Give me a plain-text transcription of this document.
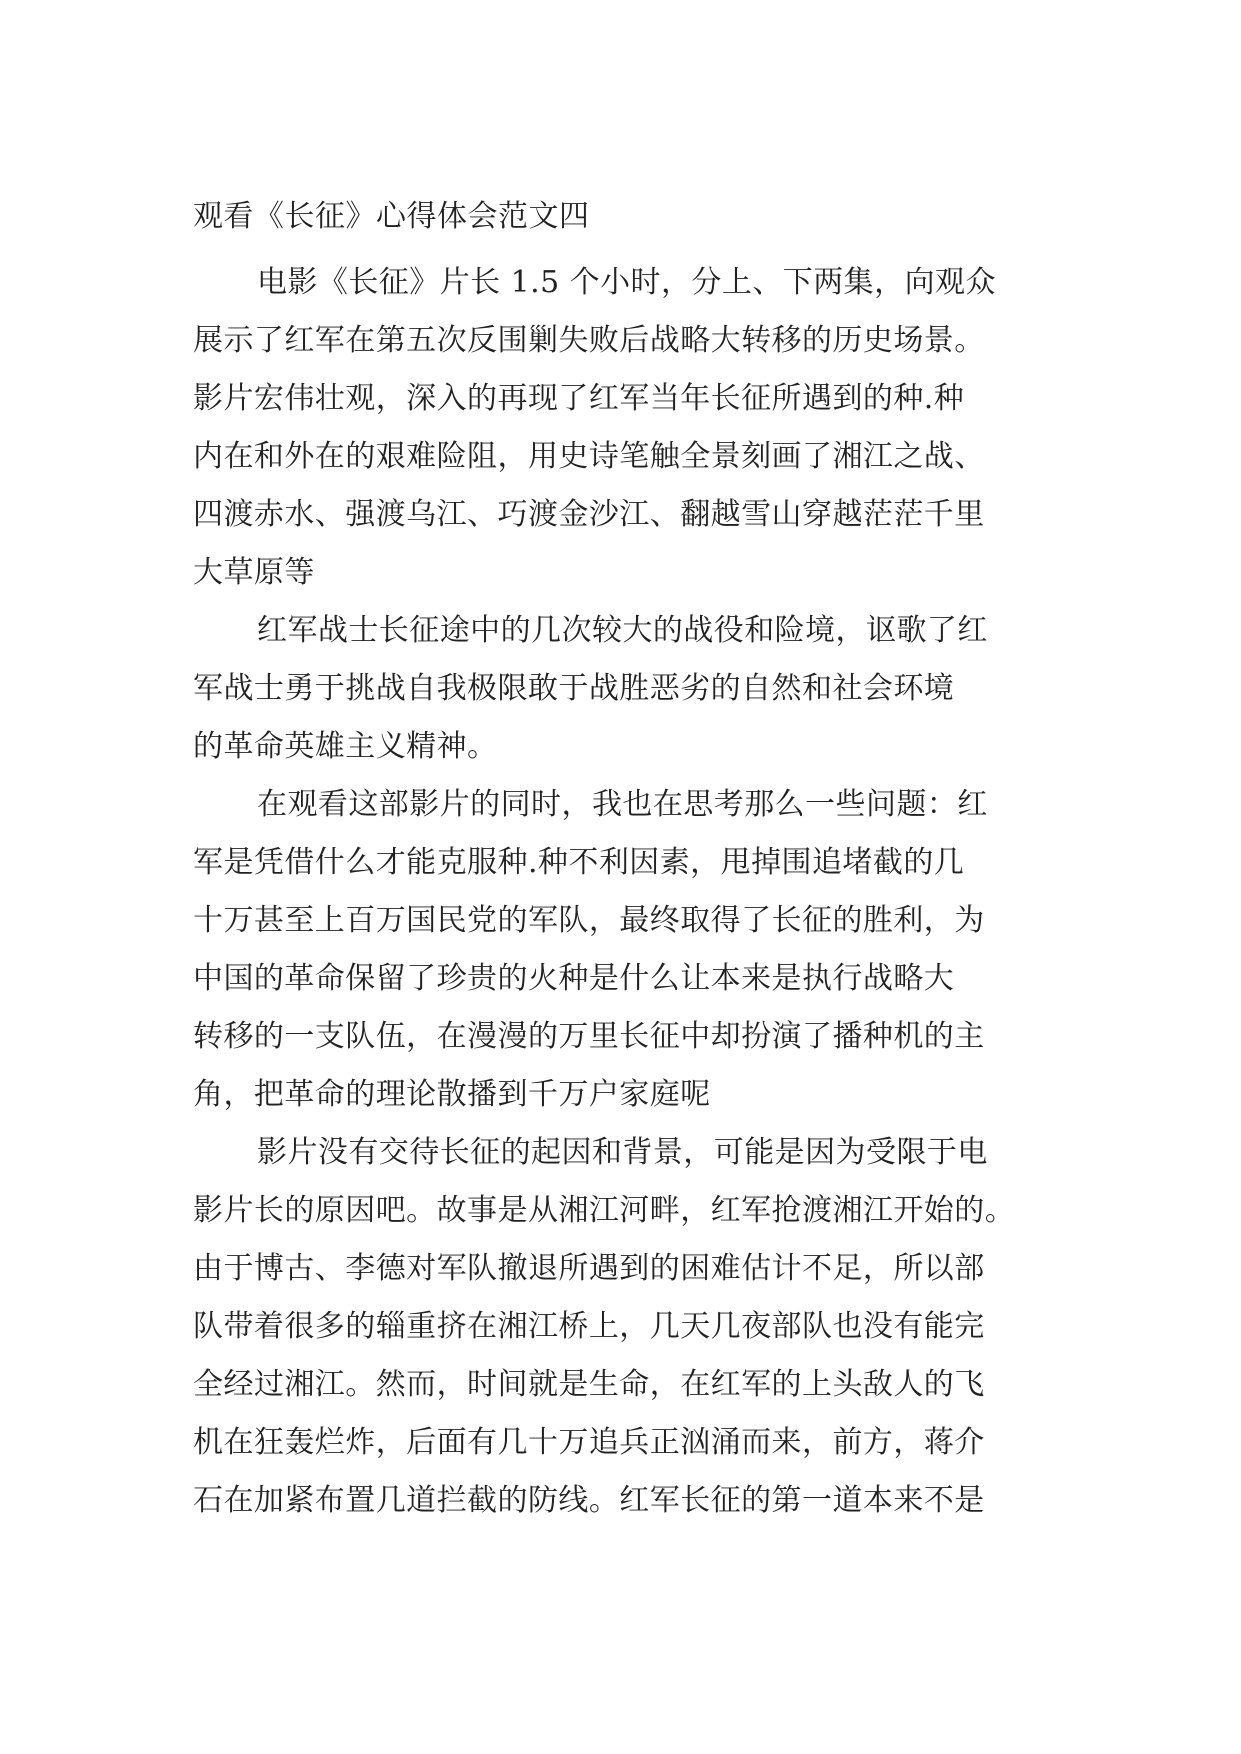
观看《长征》心得体会范文四
电影《长征》片长 1.5 个小时，分上、下两集，向观众
展示了红军在第五次反围剿失败后战略大转移的历史场景。
影片宏伟壮观，深入的再现了红军当年长征所遇到的种.种
内在和外在的艰难险阻，用史诗笔触全景刻画了湘江之战、
四渡赤水、强渡乌江、巧渡金沙江、翻越雪山穿越茫茫千里
大草原等
红军战士长征途中的几次较大的战役和险境，讴歌了红
军战士勇于挑战自我极限敢于战胜恶劣的自然和社会环境
的革命英雄主义精神。
在观看这部影片的同时，我也在思考那么一些问题：红
军是凭借什么才能克服种.种不利因素，甩掉围追堵截的几
十万甚至上百万国民党的军队，最终取得了长征的胜利，为
中国的革命保留了珍贵的火种是什么让本来是执行战略大
转移的一支队伍，在漫漫的万里长征中却扮演了播种机的主
角，把革命的理论散播到千万户家庭呢
影片没有交待长征的起因和背景，可能是因为受限于电
影片长的原因吧。故事是从湘江河畔，红军抢渡湘江开始的。
由于博古、李德对军队撤退所遇到的困难估计不足，所以部
队带着很多的辎重挤在湘江桥上，几天几夜部队也没有能完
全经过湘江。然而，时间就是生命，在红军的上头敌人的飞
机在狂轰烂炸，后面有几十万追兵正汹涌而来，前方，蒋介
石在加紧布置几道拦截的防线。红军长征的第一道本来不是
